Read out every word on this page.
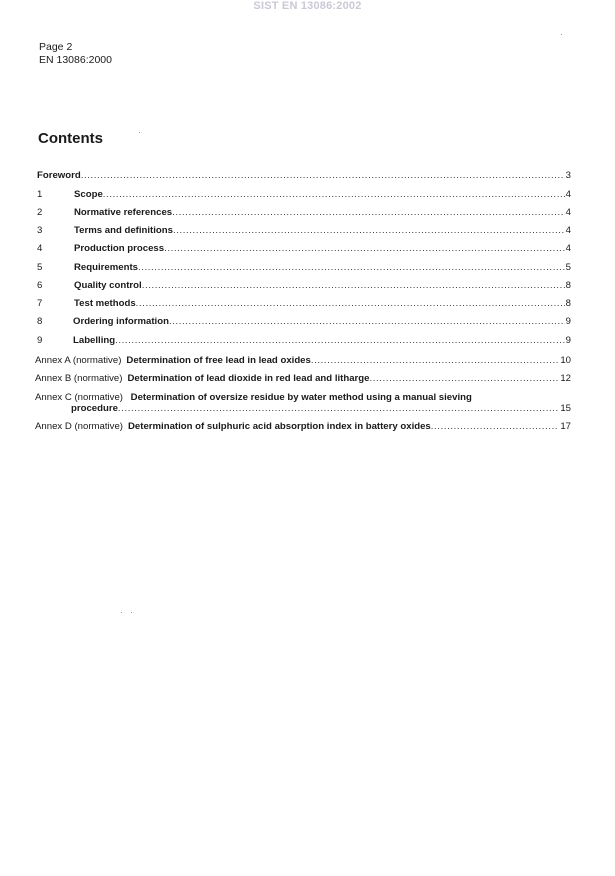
SIST EN 13086:2002
Page 2
EN 13086:2000
Contents
Foreword .....	3
1	Scope .....	4
2	Normative references .....	4
3	Terms and definitions .....	4
4	Production process .....	4
5	Requirements .....	5
6	Quality control .....	8
7	Test methods .....	8
8	Ordering information .....	9
9	Labelling .....	9
Annex A (normative) Determination of free lead in lead oxides .....	10
Annex B (normative) Determination of lead dioxide in red lead and litharge .....	12
Annex C (normative) Determination of oversize residue by water method using a manual sieving
procedure .....	15
Annex D (normative) Determination of sulphuric acid absorption index in battery oxides .....	17
